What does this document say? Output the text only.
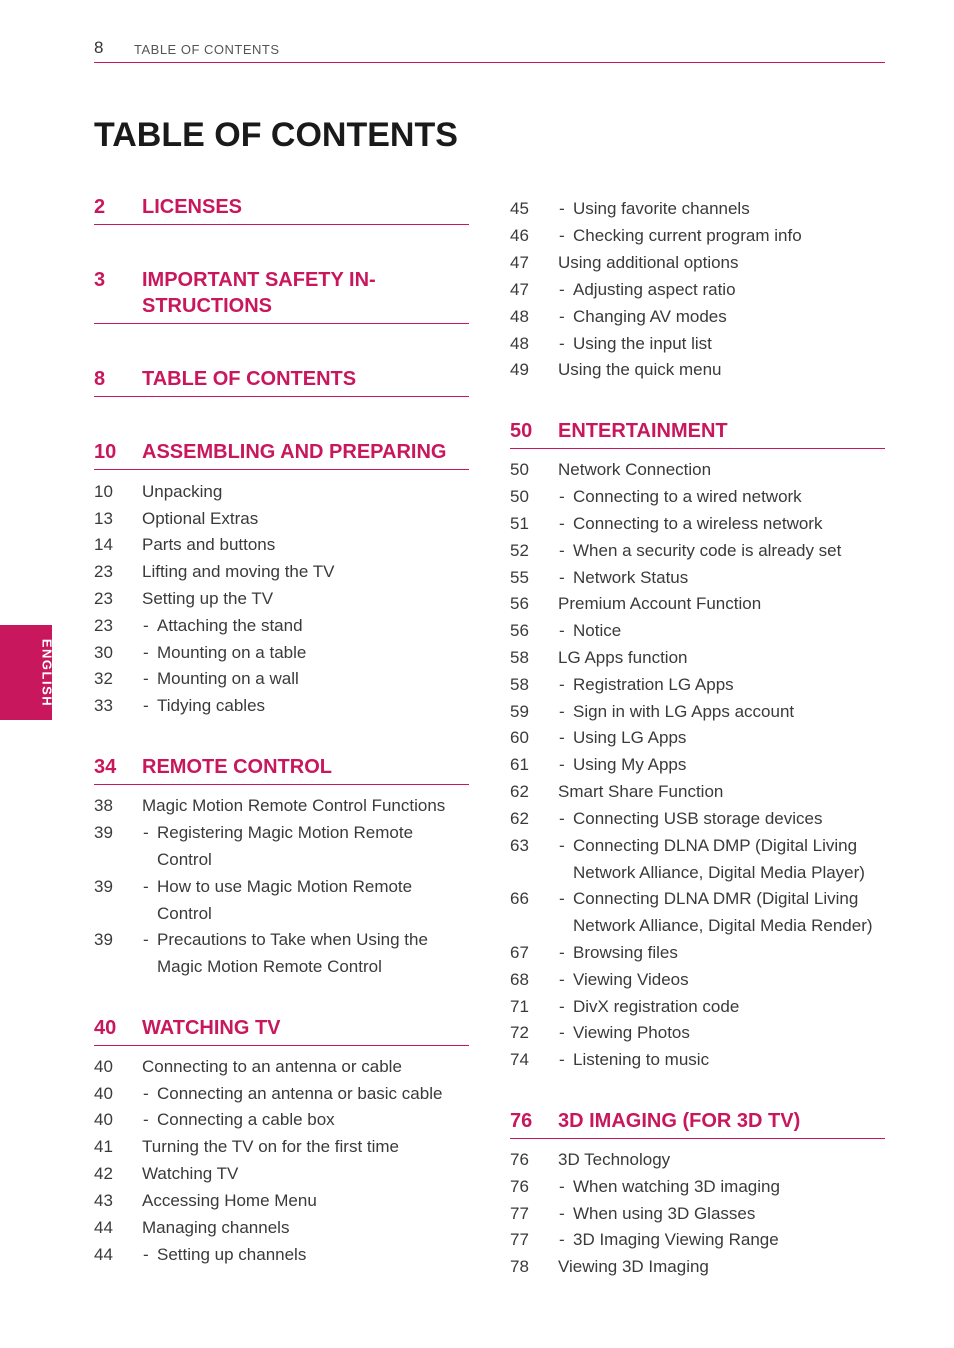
8 TABLE OF CONTENTS
TABLE OF CONTENTS
ENGLISH
2 LICENSES
3 IMPORTANT SAFETY IN-STRUCTIONS
8 TABLE OF CONTENTS
10 ASSEMBLING AND PREPARING
10 Unpacking
13 Optional Extras
14 Parts and buttons
23 Lifting and moving the TV
23 Setting up the TV
23	- Attaching the stand
30	- Mounting on a table
32	- Mounting on a wall
33	- Tidying cables
34 REMOTE CONTROL
38 Magic Motion Remote Control Functions
39	- Registering Magic Motion Remote Control
39	- How to use Magic Motion Remote Control
39	- Precautions to Take when Using the Magic Motion Remote Control
40 WATCHING TV
40 Connecting to an antenna or cable
40	- Connecting an antenna or basic cable
40	- Connecting a cable box
41 Turning the TV on for the first time
42 Watching TV
43 Accessing Home Menu
44 Managing channels
44	- Setting up channels
45	- Using favorite channels
46	- Checking current program info
47 Using additional options
47	- Adjusting aspect ratio
48	- Changing AV modes
48	- Using the input list
49 Using the quick menu
50 ENTERTAINMENT
50 Network Connection
50	- Connecting to a wired network
51	- Connecting to a wireless network
52	- When a security code is already set
55	- Network Status
56 Premium Account Function
56	- Notice
58 LG Apps function
58	- Registration LG Apps
59	- Sign in with LG Apps account
60	- Using LG Apps
61	- Using My Apps
62 Smart Share Function
62	- Connecting USB storage devices
63	- Connecting DLNA DMP (Digital Living Network Alliance, Digital Media Player)
66	- Connecting DLNA DMR (Digital Living Network Alliance, Digital Media Render)
67	- Browsing files
68	- Viewing Videos
71	- DivX registration code
72	- Viewing Photos
74	- Listening to music
76 3D IMAGING (FOR 3D TV)
76 3D Technology
76	- When watching 3D imaging
77	- When using 3D Glasses
77	- 3D Imaging Viewing Range
78 Viewing 3D Imaging
